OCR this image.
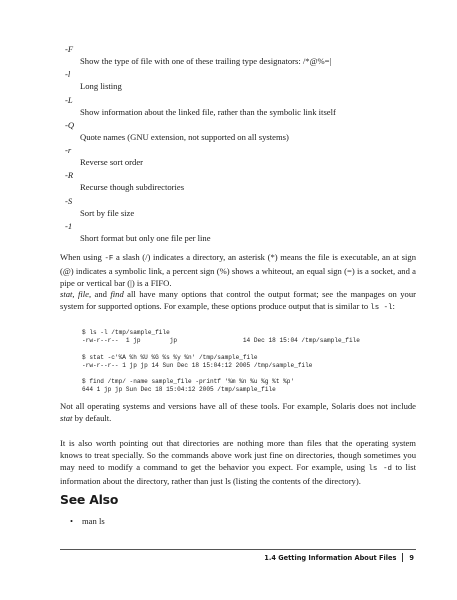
-F
Show the type of file with one of these trailing type designators: /*@%=|
-l
Long listing
-L
Show information about the linked file, rather than the symbolic link itself
-Q
Quote names (GNU extension, not supported on all systems)
-r
Reverse sort order
-R
Recurse though subdirectories
-S
Sort by file size
-1
Short format but only one file per line

When using -F a slash (/) indicates a directory, an asterisk (*) means the file is executable, an at sign (@) indicates a symbolic link, a percent sign (%) shows a whiteout, an equal sign (=) is a socket, and a pipe or vertical bar (|) is a FIFO.

stat, file, and find all have many options that control the output format; see the manpages on your system for supported options. For example, these options produce output that is similar to ls -l:

$ ls -l /tmp/sample_file
-rw-r--r--  1 jp        jp                  14 Dec 18 15:04 /tmp/sample_file
$ stat -c'%A %h %U %G %s %y %n' /tmp/sample_file
-rw-r--r-- 1 jp jp 14 Sun Dec 18 15:04:12 2005 /tmp/sample_file
$ find /tmp/ -name sample_file -printf '%m %n %u %g %t %p'
644 1 jp jp Sun Dec 18 15:04:12 2005 /tmp/sample_file

Not all operating systems and versions have all of these tools. For example, Solaris does not include stat by default.

It is also worth pointing out that directories are nothing more than files that the operating system knows to treat specially. So the commands above work just fine on directories, though sometimes you may need to modify a command to get the behavior you expect. For example, using ls -d to list information about the directory, rather than just ls (listing the contents of the directory).

See Also
• man ls
1.4 Getting Information About Files 9
